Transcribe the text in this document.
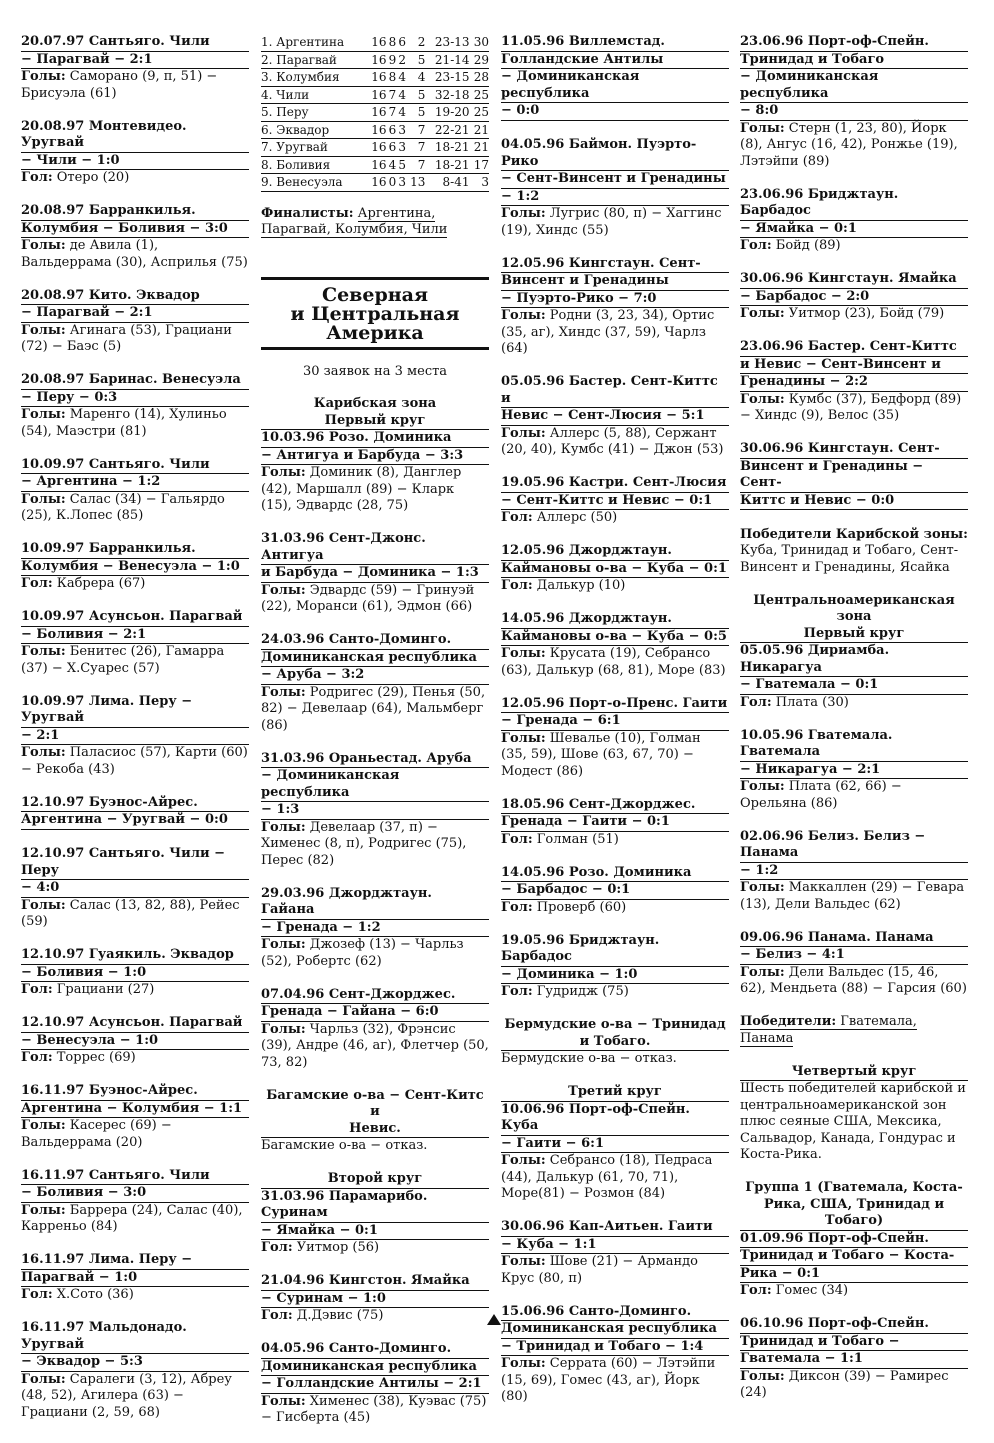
20.07.97 Сантьяго. Чили
− Парагвай − 2:1
Голы: Саморано (9, п, 51) − Брисуэла (61)
20.08.97 Монтевидео. Уругвай
− Чили − 1:0
Гол: Отеро (20)
20.08.97 Барранкилья.
Колумбия − Боливия − 3:0
Голы: де Авила (1), Вальдеррама (30), Асприлья (75)
20.08.97 Кито. Эквадор
− Парагвай − 2:1
Голы: Агинага (53), Грациани (72) − Баэс (5)
20.08.97 Баринас. Венесуэла
− Перу − 0:3
Голы: Маренго (14), Хулиньо (54), Маэстри (81)
10.09.97 Сантьяго. Чили
− Аргентина − 1:2
Голы: Салас (34) − Гальярдо (25), К.Лопес (85)
10.09.97 Барранкилья.
Колумбия − Венесуэла − 1:0
Гол: Кабрера (67)
10.09.97 Асунсьон. Парагвай
− Боливия − 2:1
Голы: Бенитес (26), Гамарра (37) − Х.Суарес (57)
10.09.97 Лима. Перу − Уругвай
− 2:1
Голы: Паласиос (57), Карти (60) − Рекоба (43)
12.10.97 Буэнос-Айрес.
Аргентина − Уругвай − 0:0
12.10.97 Сантьяго. Чили − Перу
− 4:0
Голы: Салас (13, 82, 88), Рейес (59)
12.10.97 Гуаякиль. Эквадор
− Боливия − 1:0
Гол: Грациани (27)
12.10.97 Асунсьон. Парагвай
− Венесуэла − 1:0
Гол: Торрес (69)
16.11.97 Буэнос-Айрес.
Аргентина − Колумбия − 1:1
Голы: Касерес (69) − Вальдеррама (20)
16.11.97 Сантьяго. Чили
− Боливия − 3:0
Голы: Баррера (24), Салас (40), Карреньо (84)
16.11.97 Лима. Перу −
Парагвай − 1:0
Гол: Х.Сото (36)
16.11.97 Мальдонадо. Уругвай
− Эквадор − 5:3
Голы: Саралеги (3, 12), Абреу (48, 52), Агилера (63) − Грациани (2, 59, 68)
1. Аргентина	16	8	6	2	23-13	30
2. Парагвай	16	9	2	5	21-14	29
3. Колумбия	16	8	4	4	23-15	28
4. Чили	16	7	4	5	32-18	25
5. Перу	16	7	4	5	19-20	25
6. Эквадор	16	6	3	7	22-21	21
7. Уругвай	16	6	3	7	18-21	21
8. Боливия	16	4	5	7	18-21	17
9. Венесуэла	16	0	3	13	8-41	3
Финалисты: Аргентина, Парагвай, Колумбия, Чили
Северная
и Центральная
Америка
30 заявок на 3 места
Карибская зона
Первый круг
10.03.96 Розо. Доминика
− Антигуа и Барбуда − 3:3
Голы: Доминик (8), Данглер (42), Маршалл (89) − Кларк (15), Эдвардс (28, 75)
31.03.96 Сент-Джонс. Антигуа
и Барбуда − Доминика − 1:3
Голы: Эдвардс (59) − Гринуэй (22), Моранси (61), Эдмон (66)
24.03.96 Санто-Доминго.
Доминиканская республика
− Аруба − 3:2
Голы: Родригес (29), Пенья (50, 82) − Девелаар (64), Мальмберг (86)
31.03.96 Ораньестад. Аруба
− Доминиканская республика
− 1:3
Голы: Девелаар (37, п) − Хименес (8, п), Родригес (75), Перес (82)
29.03.96 Джорджтаун. Гайана
− Гренада − 1:2
Голы: Джозеф (13) − Чарльз (52), Робертс (62)
07.04.96 Сент-Джорджес.
Гренада − Гайана − 6:0
Голы: Чарльз (32), Фрэнсис (39), Андре (46, аг), Флетчер (50, 73, 82)
Багамские о-ва − Сент-Китс и
Невис.
Багамские о-ва − отказ.
Второй круг
31.03.96 Парамарибо. Суринам
− Ямайка − 0:1
Гол: Уитмор (56)
21.04.96 Кингстон. Ямайка
− Суринам − 1:0
Гол: Д.Дэвис (75)
04.05.96 Санто-Доминго.
Доминиканская республика
− Голландские Антилы − 2:1
Голы: Хименес (38), Куэвас (75) − Гисберта (45)
11.05.96 Виллемстад.
Голландские Антилы
− Доминиканская республика
− 0:0
04.05.96 Баймон. Пуэрто-Рико
− Сент-Винсент и Гренадины
− 1:2
Голы: Лугрис (80, п) − Хаггинс (19), Хиндс (55)
12.05.96 Кингстаун. Сент-
Винсент и Гренадины
− Пуэрто-Рико − 7:0
Голы: Родни (3, 23, 34), Ортис (35, аг), Хиндс (37, 59), Чарлз (64)
05.05.96 Бастер. Сент-Киттс и
Невис − Сент-Люсия − 5:1
Голы: Аллерс (5, 88), Сержант (20, 40), Кумбс (41) − Джон (53)
19.05.96 Кастри. Сент-Люсия
− Сент-Киттс и Невис − 0:1
Гол: Аллерс (50)
12.05.96 Джорджтаун.
Каймановы о-ва − Куба − 0:1
Гол: Далькур (10)
14.05.96 Джорджтаун.
Каймановы о-ва − Куба − 0:5
Голы: Крусата (19), Себрансо (63), Далькур (68, 81), Море (83)
12.05.96 Порт-о-Пренс. Гаити
− Гренада − 6:1
Голы: Шевалье (10), Голман (35, 59), Шове (63, 67, 70) − Модест (86)
18.05.96 Сент-Джорджес.
Гренада − Гаити − 0:1
Гол: Голман (51)
14.05.96 Розо. Доминика
− Барбадос − 0:1
Гол: Проверб (60)
19.05.96 Бриджтаун. Барбадос
− Доминика − 1:0
Гол: Гудридж (75)
Бермудские о-ва − Тринидад
и Тобаго.
Бермудские о-ва − отказ.
Третий круг
10.06.96 Порт-оф-Спейн. Куба
− Гаити − 6:1
Голы: Себрансо (18), Педраса (44), Далькур (61, 70, 71), Море(81) − Розмон (84)
30.06.96 Кап-Аитьен. Гаити
− Куба − 1:1
Голы: Шове (21) − Армандо Крус (80, п)
15.06.96 Санто-Доминго.
Доминиканская республика
− Тринидад и Тобаго − 1:4
Голы: Серрата (60) − Лэтэйпи (15, 69), Гомес (43, аг), Йорк (80)
23.06.96 Порт-оф-Спейн.
Тринидад и Тобаго
− Доминиканская республика
− 8:0
Голы: Стерн (1, 23, 80), Йорк (8), Ангус (16, 42), Ронжье (19), Лэтэйпи (89)
23.06.96 Бриджтаун. Барбадос
− Ямайка − 0:1
Гол: Бойд (89)
30.06.96 Кингстаун. Ямайка
− Барбадос − 2:0
Голы: Уитмор (23), Бойд (79)
23.06.96 Бастер. Сент-Киттс
и Невис − Сент-Винсент и
Гренадины − 2:2
Голы: Кумбс (37), Бедфорд (89) − Хиндс (9), Велос (35)
30.06.96 Кингстаун. Сент-
Винсент и Гренадины − Сент-
Киттс и Невис − 0:0
Победители Карибской зоны:
Куба, Тринидад и Тобаго, Сент-Винсент и Гренадины, Ясайка
Центральноамериканская
зона
Первый круг
05.05.96 Дириамба. Никарагуа
− Гватемала − 0:1
Гол: Плата (30)
10.05.96 Гватемала. Гватемала
− Никарагуа − 2:1
Голы: Плата (62, 66) − Орельяна (86)
02.06.96 Белиз. Белиз − Панама
− 1:2
Голы: Маккаллен (29) − Гевара (13), Дели Вальдес (62)
09.06.96 Панама. Панама
− Белиз − 4:1
Голы: Дели Вальдес (15, 46, 62), Мендьета (88) − Гарсия (60)
Победители: Гватемала, Панама
Четвертый круг
Шесть победителей карибской и центральноамериканской зон плюс сеяные США, Мексика, Сальвадор, Канада, Гондурас и Коста-Рика.
Группа 1 (Гватемала, Коста-Рика, США, Тринидад и Тобаго)
01.09.96 Порт-оф-Спейн.
Тринидад и Тобаго − Коста-
Рика − 0:1
Гол: Гомес (34)
06.10.96 Порт-оф-Спейн.
Тринидад и Тобаго −
Гватемала − 1:1
Голы: Диксон (39) − Рамирес (24)
